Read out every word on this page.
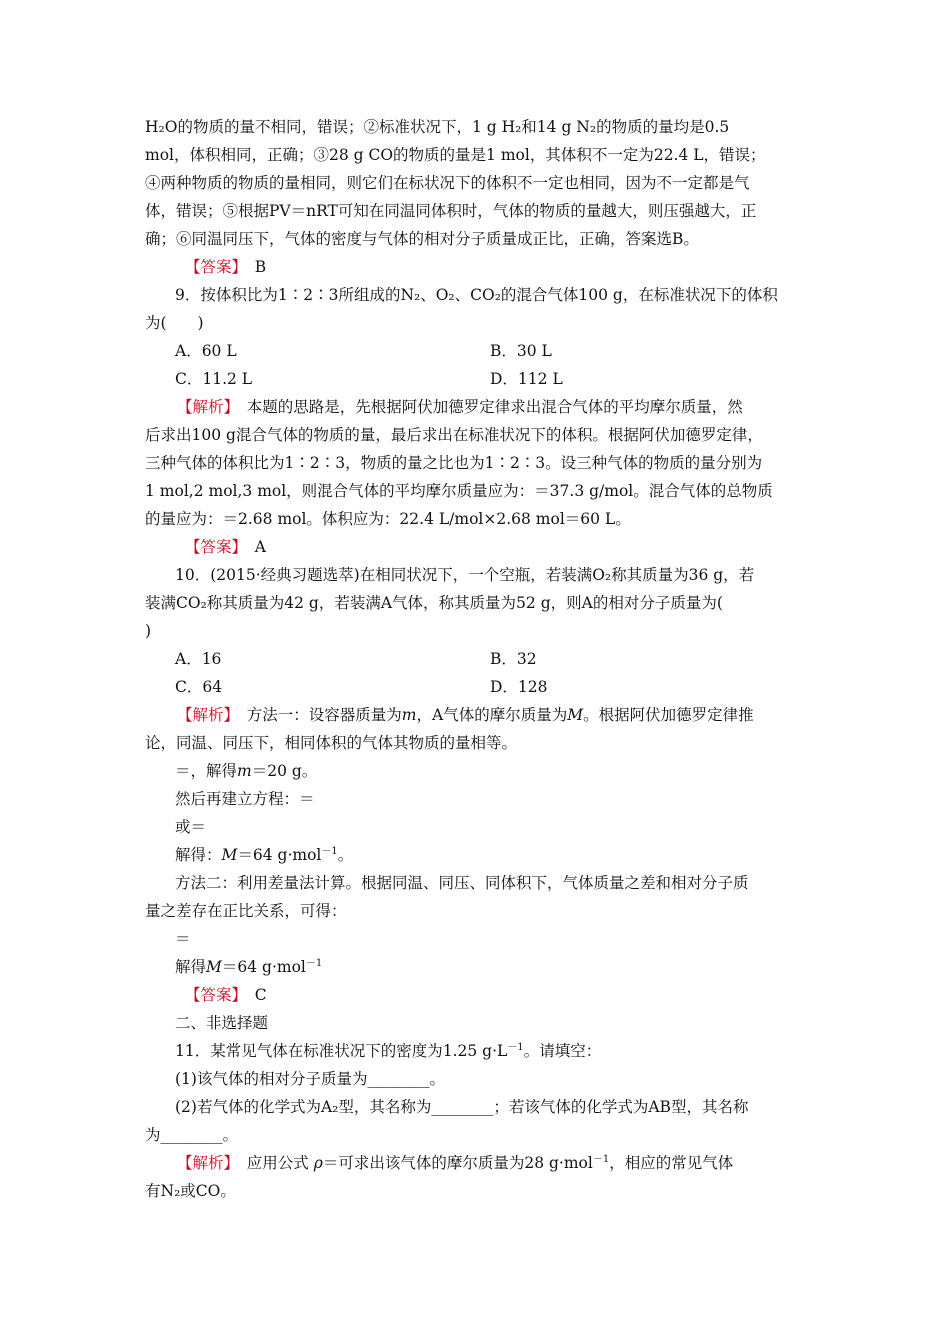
H₂O的物质的量不相同，错误；②标准状况下，1 g H₂和14 g N₂的物质的量均是0.5
mol，体积相同，正确；③28 g CO的物质的量是1 mol，其体积不一定为22.4 L，错误；
④两种物质的物质的量相同，则它们在标状况下的体积不一定也相同，因为不一定都是气
体，错误；⑤根据PV＝nRT可知在同温同体积时，气体的物质的量越大，则压强越大，正
确；⑥同温同压下，气体的密度与气体的相对分子质量成正比，正确，答案选B。
【答案】　 B
9．按体积比为1∶2∶3所组成的N₂、O₂、CO₂的混合气体100 g，在标准状况下的体积
为(　　)
A．60 L	B．30 L
C．11.2 L	D．112 L
【解析】　 本题的思路是，先根据阿伏加德罗定律求出混合气体的平均摩尔质量，然
后求出100 g混合气体的物质的量，最后求出在标准状况下的体积。根据阿伏加德罗定律，
三种气体的体积比为1∶2∶3，物质的量之比也为1∶2∶3。设三种气体的物质的量分别为
1 mol,2 mol,3 mol，则混合气体的平均摩尔质量应为：＝37.3 g/mol。混合气体的总物质
的量应为：＝2.68 mol。体积应为：22.4 L/mol×2.68 mol＝60 L。
【答案】　 A
10．(2015·经典习题选萃)在相同状况下，一个空瓶，若装满O₂称其质量为36 g，若
装满CO₂称其质量为42 g，若装满A气体，称其质量为52 g，则A的相对分子质量为(
)
A．16	B．32
C．64	D．128
【解析】　 方法一：设容器质量为m，A气体的摩尔质量为M。根据阿伏加德罗定律推
论，同温、同压下，相同体积的气体其物质的量相等。
＝，解得m＝20 g。
然后再建立方程：＝
或＝
解得：M＝64 g·mol$^{-1}$。
方法二：利用差量法计算。根据同温、同压、同体积下，气体质量之差和相对分子质
量之差存在正比关系，可得：
＝
解得M＝64 g·mol$^{-1}$
【答案】　 C
二、非选择题
11．某常见气体在标准状况下的密度为1.25 $g\cdot L^{-1}$。请填空：
(1)该气体的相对分子质量为________。
(2)若气体的化学式为A₂型，其名称为________；若该气体的化学式为AB型，其名称
为________。
【解析】　 应用公式 ρ＝可求出该气体的摩尔质量为28 g·mol$^{-1}$，相应的常见气体
有N₂或CO。
